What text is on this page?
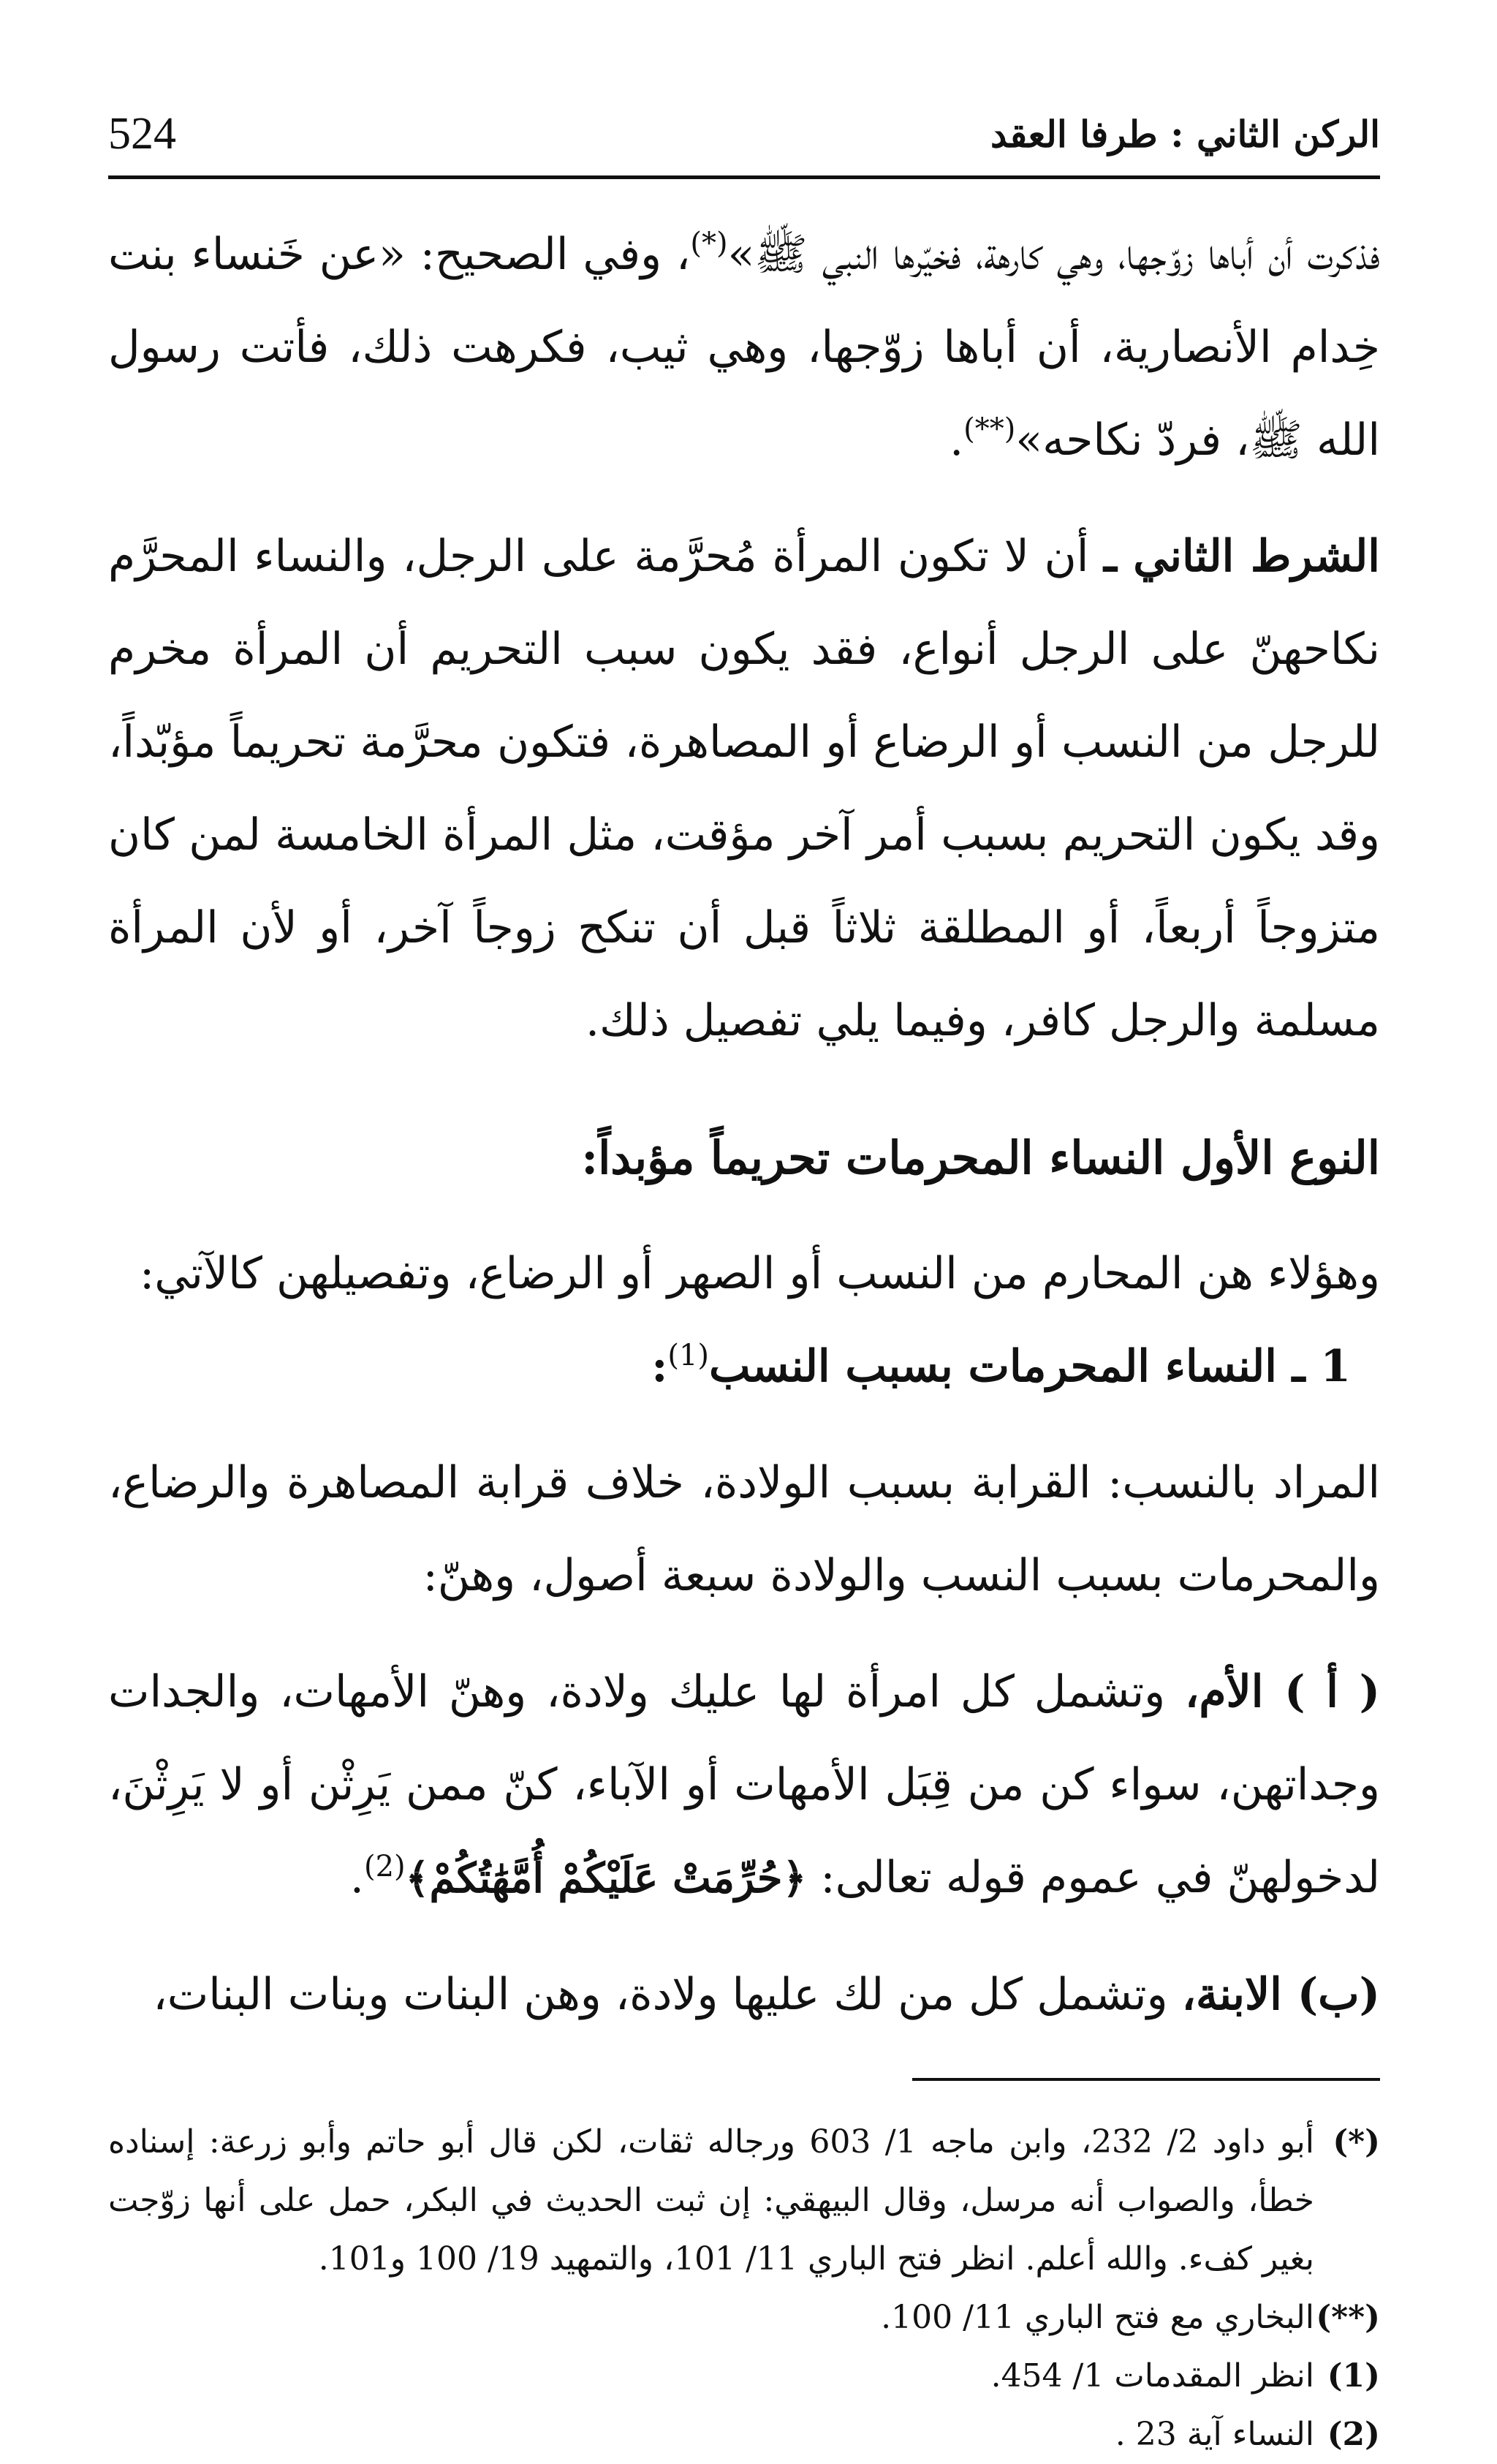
524	الركن الثاني : طرفا العقد

فذكرت أن أباها زوّجها، وهي كارهة، فخيّرها النبي ﷺ»(*)، وفي الصحيح: «عن خَنساء بنت خِدام الأنصارية، أن أباها زوّجها، وهي ثيب، فكرهت ذلك، فأتت رسول الله ﷺ، فردّ نكاحه»(**).

الشرط الثاني ـ أن لا تكون المرأة مُحرَّمة على الرجل، والنساء المحرَّم نكاحهنّ على الرجل أنواع، فقد يكون سبب التحريم أن المرأة مخرم للرجل من النسب أو الرضاع أو المصاهرة، فتكون محرَّمة تحريماً مؤبّداً، وقد يكون التحريم بسبب أمر آخر مؤقت، مثل المرأة الخامسة لمن كان متزوجاً أربعاً، أو المطلقة ثلاثاً قبل أن تنكح زوجاً آخر، أو لأن المرأة مسلمة والرجل كافر، وفيما يلي تفصيل ذلك.

النوع الأول النساء المحرمات تحريماً مؤبداً:

وهؤلاء هن المحارم من النسب أو الصهر أو الرضاع، وتفصيلهن كالآتي:

1 ـ النساء المحرمات بسبب النسب$^{(1)}$:

المراد بالنسب: القرابة بسبب الولادة، خلاف قرابة المصاهرة والرضاع، والمحرمات بسبب النسب والولادة سبعة أصول، وهنّ:

( أ ) الأم، وتشمل كل امرأة لها عليك ولادة، وهنّ الأمهات، والجدات وجداتهن، سواء كن من قِبَل الأمهات أو الآباء، كنّ ممن يَرِثْن أو لا يَرِثْنَ، لدخولهنّ في عموم قوله تعالى: ﴿حُرِّمَتْ عَلَيْكُمْ أُمَّهَٰتُكُمْ﴾$^{(2)}$.

(ب) الابنة، وتشمل كل من لك عليها ولادة، وهن البنات وبنات البنات،

(*)
أبو داود 2/ 232، وابن ماجه 1/ 603 ورجاله ثقات، لكن قال أبو حاتم وأبو زرعة: إسناده خطأ، والصواب أنه مرسل، وقال البيهقي: إن ثبت الحديث في البكر، حمل على أنها زوّجت بغير كفء. والله أعلم. انظر فتح الباري 11/ 101، والتمهيد 19/ 100 و101.
(**)
البخاري مع فتح الباري 11/ 100.
(1)
انظر المقدمات 1/ 454.
(2)
النساء آية 23 .
